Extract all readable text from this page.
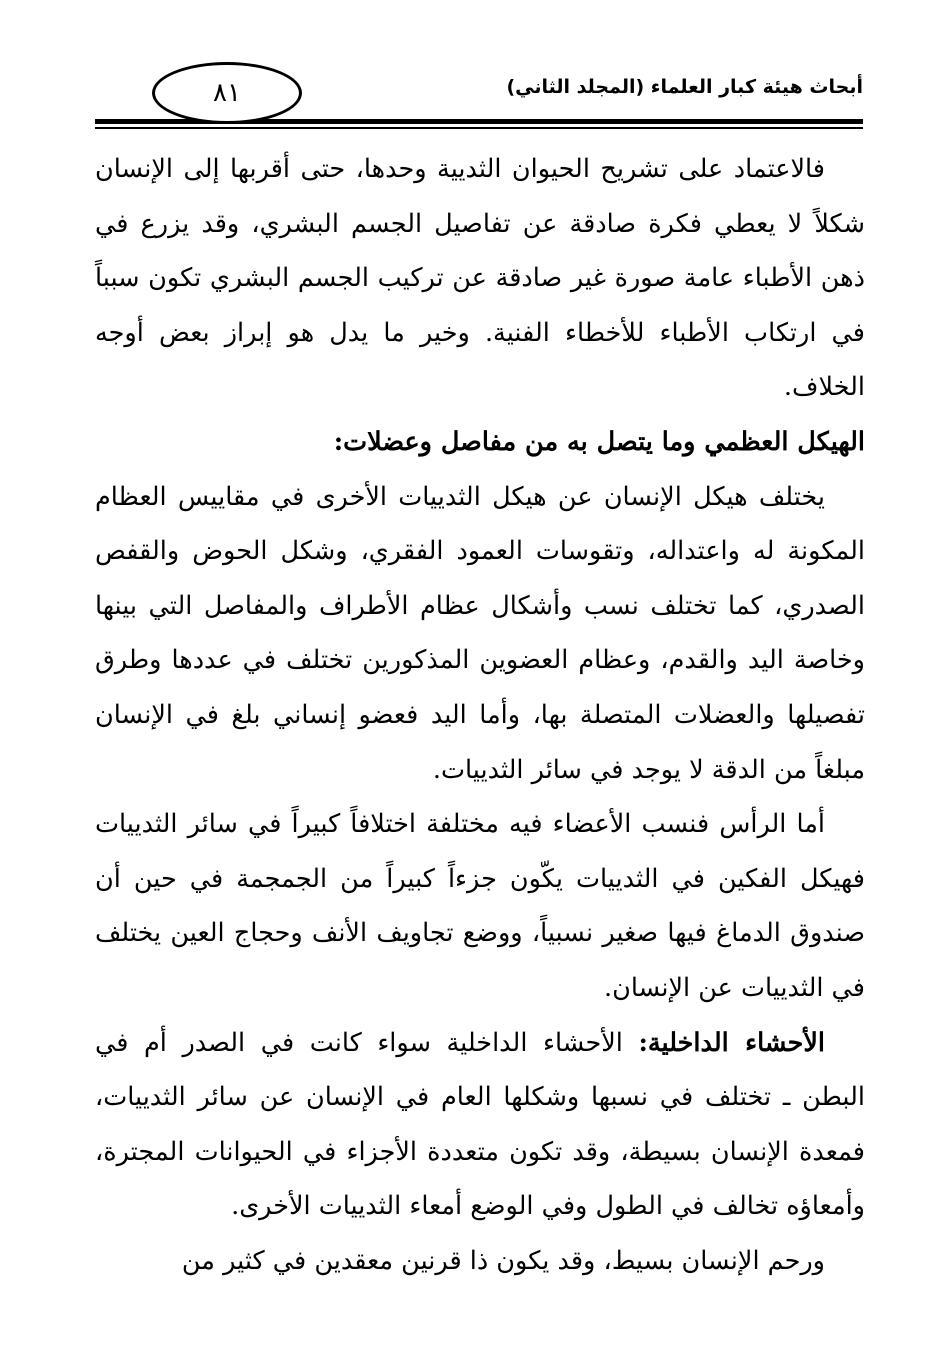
أبحاث هيئة كبار العلماء (المجلد الثاني)
٨١

فالاعتماد على تشريح الحيوان الثديية وحدها، حتى أقربها إلى الإنسان شكلاً لا يعطي فكرة صادقة عن تفاصيل الجسم البشري، وقد يزرع في ذهن الأطباء عامة صورة غير صادقة عن تركيب الجسم البشري تكون سبباً في ارتكاب الأطباء للأخطاء الفنية. وخير ما يدل هو إبراز بعض أوجه الخلاف.

الهيكل العظمي وما يتصل به من مفاصل وعضلات:

يختلف هيكل الإنسان عن هيكل الثدييات الأخرى في مقاييس العظام المكونة له واعتداله، وتقوسات العمود الفقري، وشكل الحوض والقفص الصدري، كما تختلف نسب وأشكال عظام الأطراف والمفاصل التي بينها وخاصة اليد والقدم، وعظام العضوين المذكورين تختلف في عددها وطرق تفصيلها والعضلات المتصلة بها، وأما اليد فعضو إنساني بلغ في الإنسان مبلغاً من الدقة لا يوجد في سائر الثدييات.

أما الرأس فنسب الأعضاء فيه مختلفة اختلافاً كبيراً في سائر الثدييات فهيكل الفكين في الثدييات يكّون جزءاً كبيراً من الجمجمة في حين أن صندوق الدماغ فيها صغير نسبياً، ووضع تجاويف الأنف وحجاج العين يختلف في الثدييات عن الإنسان.

الأحشاء الداخلية: الأحشاء الداخلية سواء كانت في الصدر أم في البطن ـ تختلف في نسبها وشكلها العام في الإنسان عن سائر الثدييات، فمعدة الإنسان بسيطة، وقد تكون متعددة الأجزاء في الحيوانات المجترة، وأمعاؤه تخالف في الطول وفي الوضع أمعاء الثدييات الأخرى.

ورحم الإنسان بسيط، وقد يكون ذا قرنين معقدين في كثير من
